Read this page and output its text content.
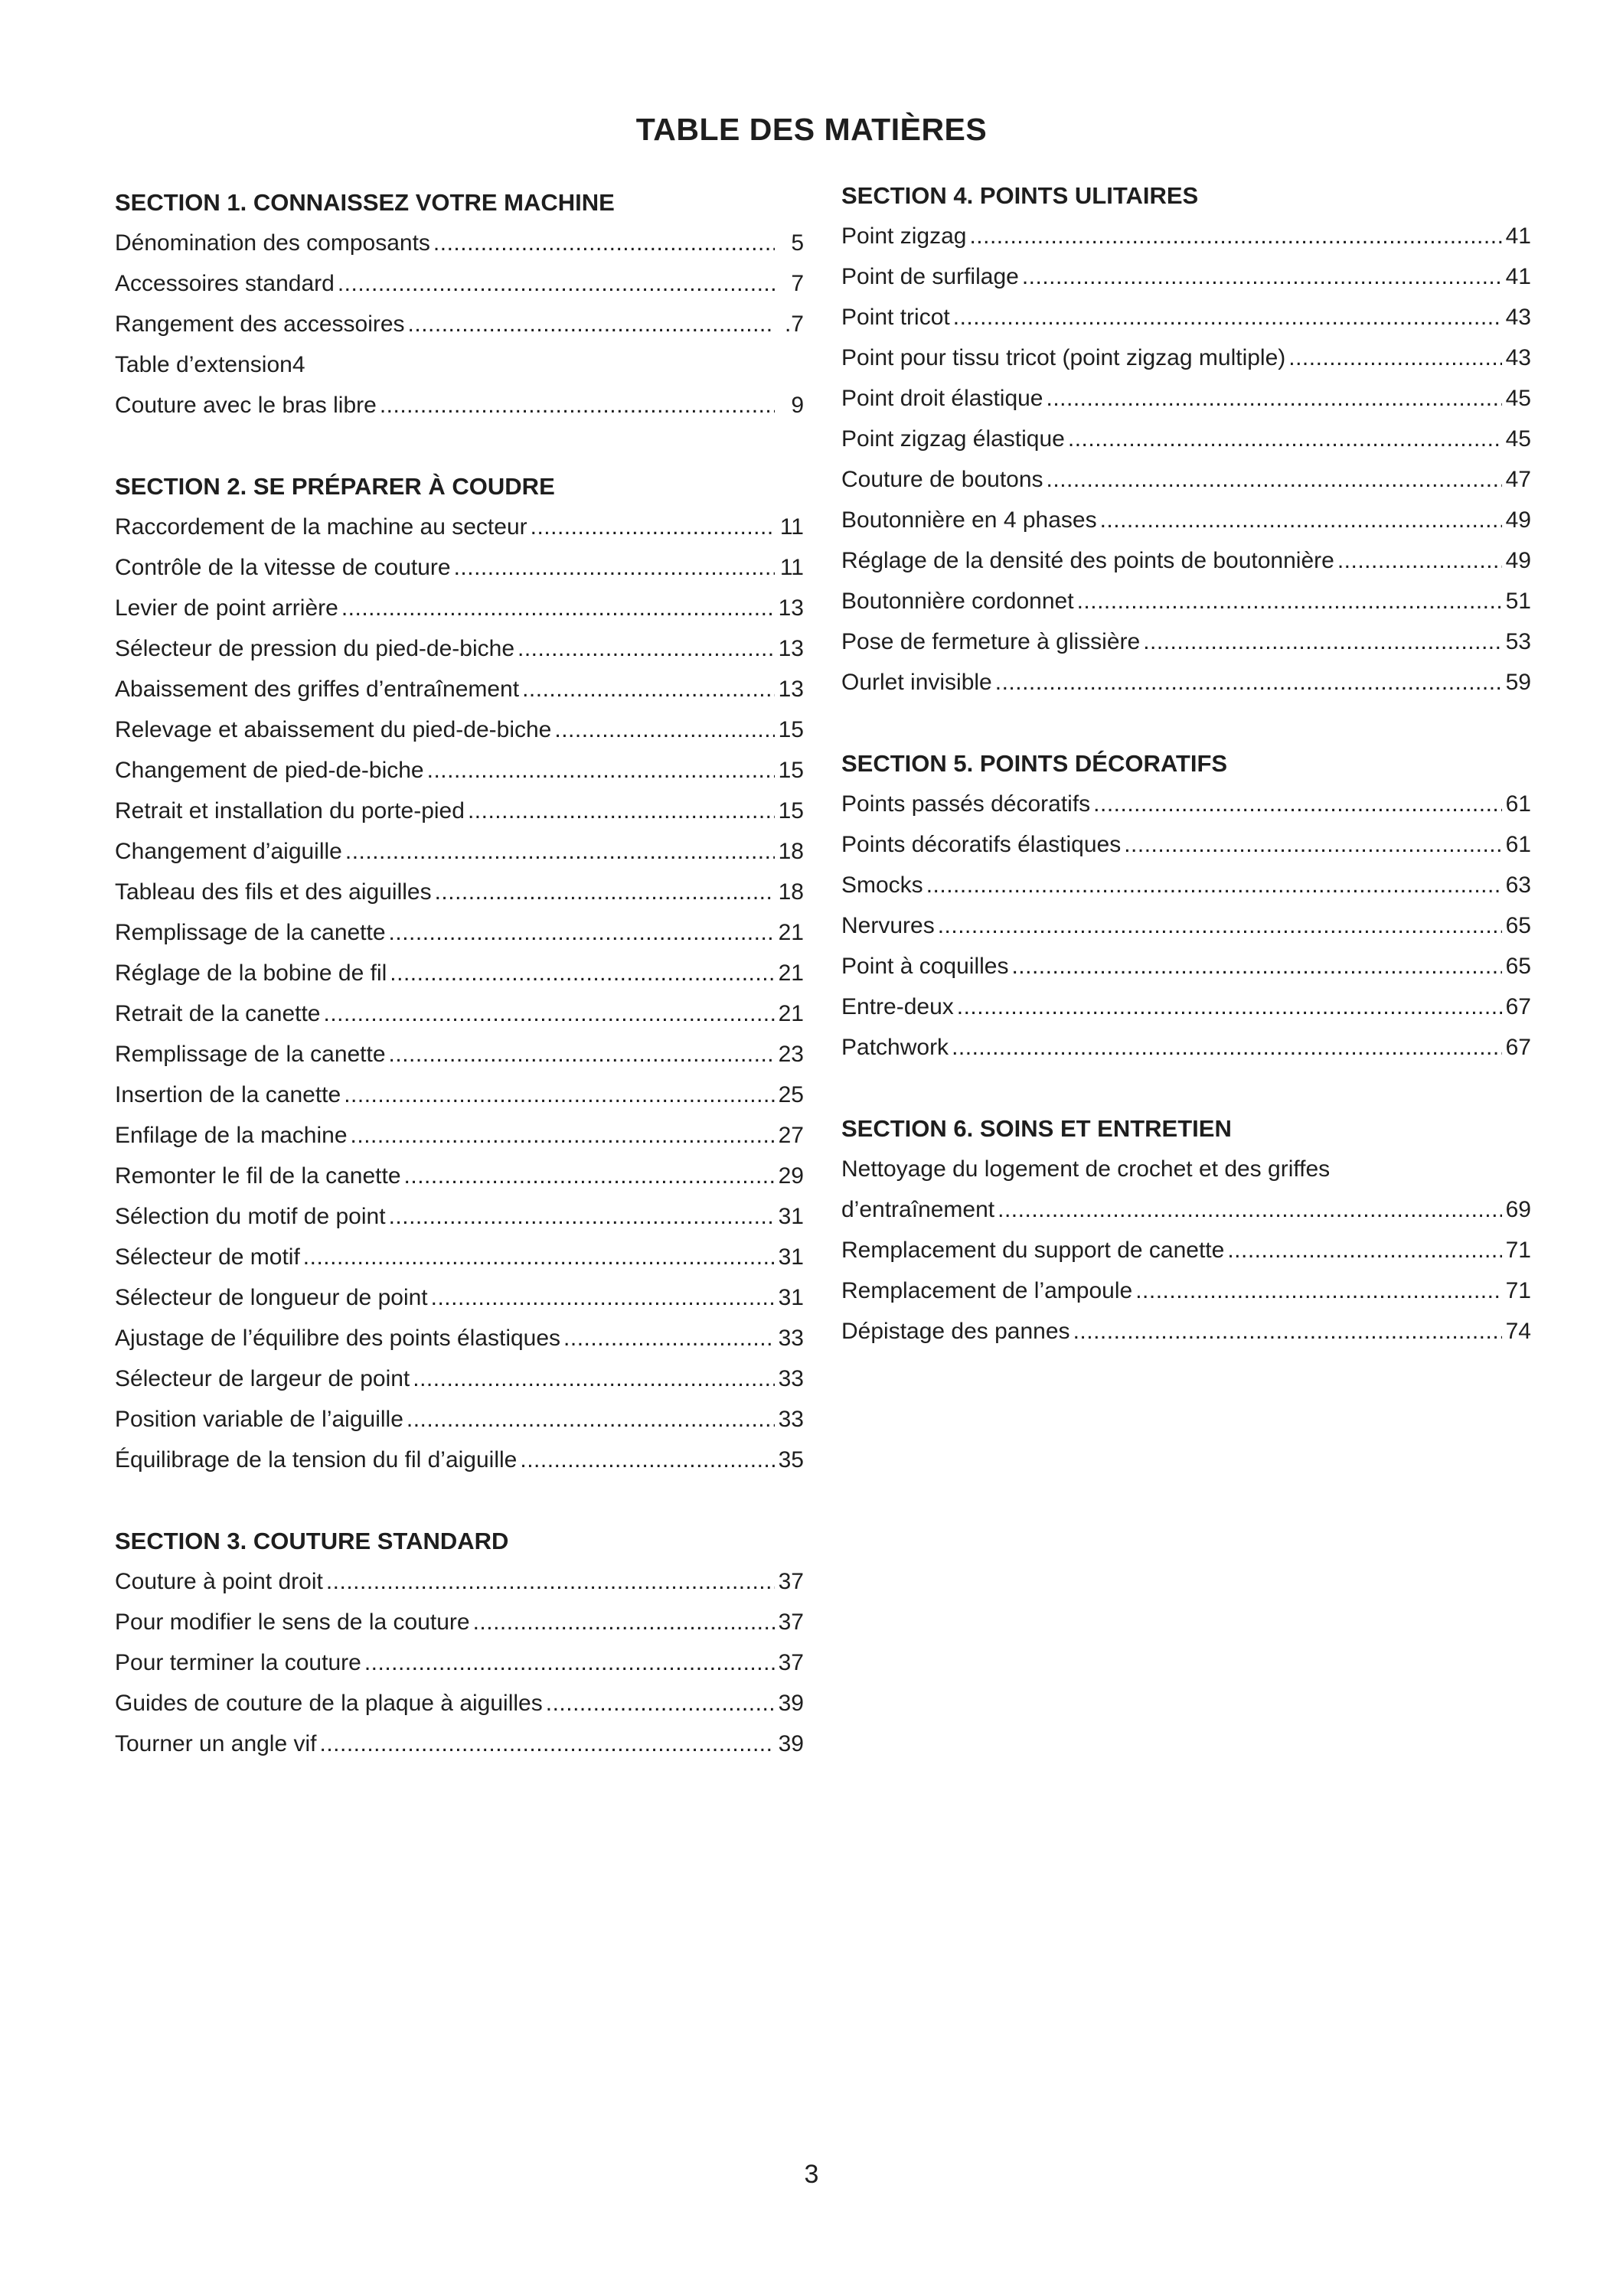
TABLE DES MATIÈRES
SECTION 1. CONNAISSEZ VOTRE MACHINE
Dénomination des composants .....	5
Accessoires standard .....	7
Rangement des accessoires .....	.7
Table d’extension4
Couture avec le bras libre .....	9
SECTION 2. SE PRÉPARER À COUDRE
Raccordement de la machine au secteur .....	11
Contrôle de la vitesse de couture .....	11
Levier de point arrière .....	13
Sélecteur de pression du pied-de-biche .....	13
Abaissement des griffes d’entraînement .....	13
Relevage et abaissement du pied-de-biche .....	15
Changement de pied-de-biche .....	15
Retrait et installation du porte-pied .....	15
Changement d’aiguille .....	18
Tableau des fils et des aiguilles .....	18
Remplissage de la canette .....	21
Réglage de la bobine de fil .....	21
Retrait de la canette .....	21
Remplissage de la canette .....	23
Insertion de la canette .....	25
Enfilage de la machine .....	27
Remonter le fil de la canette .....	29
Sélection du motif de point .....	31
Sélecteur de motif .....	31
Sélecteur de longueur de point .....	31
Ajustage de l’équilibre des points élastiques .....	33
Sélecteur de largeur de point .....	33
Position variable de l’aiguille .....	33
Équilibrage de la tension du fil d’aiguille .....	35
SECTION 3. COUTURE STANDARD
Couture à point droit .....	37
Pour modifier le sens de la couture .....	37
Pour terminer la couture .....	37
Guides de couture de la plaque à aiguilles .....	39
Tourner un angle vif .....	39
SECTION 4. POINTS ULITAIRES
Point zigzag .....	41
Point de surfilage .....	41
Point tricot .....	43
Point pour tissu tricot (point zigzag multiple) .....	43
Point droit élastique .....	45
Point zigzag élastique .....	45
Couture de boutons .....	47
Boutonnière en 4 phases .....	49
Réglage de la densité des points de boutonnière .....	49
Boutonnière cordonnet .....	51
Pose de fermeture à glissière .....	53
Ourlet invisible .....	59
SECTION 5. POINTS DÉCORATIFS
Points passés décoratifs .....	61
Points décoratifs élastiques .....	61
Smocks .....	63
Nervures .....	65
Point à coquilles .....	65
Entre-deux .....	67
Patchwork .....	67
SECTION 6. SOINS ET ENTRETIEN
Nettoyage du logement de crochet et des griffes
d’entraînement .....	69
Remplacement du support de canette .....	71
Remplacement de l’ampoule .....	71
Dépistage des pannes .....	74
3
